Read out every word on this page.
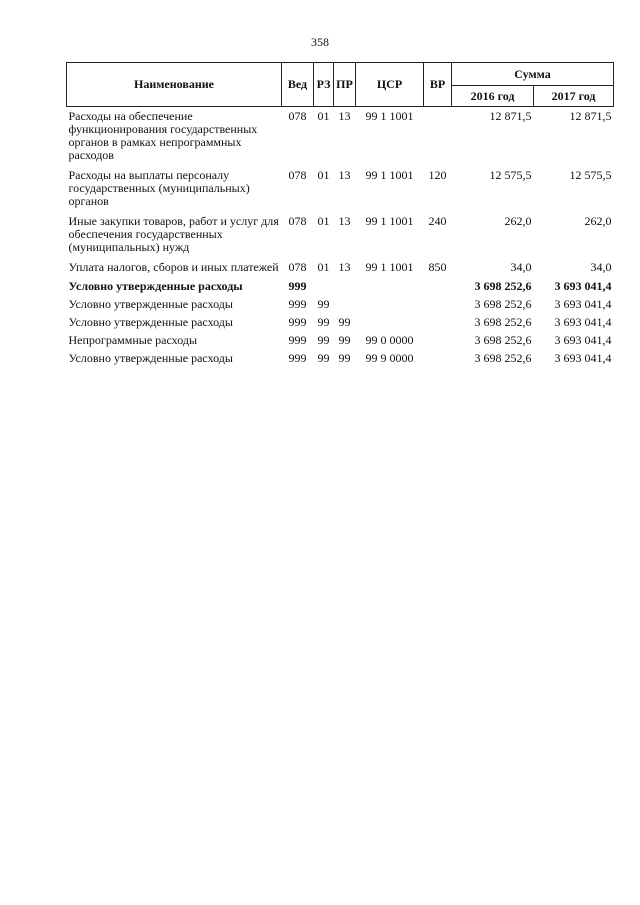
358
Наименование	Вед	РЗ	ПР	ЦСР	ВР	Сумма	
						2016 год	2017 год
Расходы на обеспечение функционирования государственных органов в рамках непрограммных расходов	078	01	13	99 1 1001		12 871,5	12 871,5
Расходы на выплаты персоналу государственных (муниципальных) органов	078	01	13	99 1 1001	120	12 575,5	12 575,5
Иные закупки товаров, работ и услуг для обеспечения государственных (муниципальных) нужд	078	01	13	99 1 1001	240	262,0	262,0
Уплата налогов, сборов и иных платежей	078	01	13	99 1 1001	850	34,0	34,0
Условно утвержденные расходы	999					3 698 252,6	3 693 041,4
Условно утвержденные расходы	999	99				3 698 252,6	3 693 041,4
Условно утвержденные расходы	999	99	99			3 698 252,6	3 693 041,4
Непрограммные расходы	999	99	99	99 0 0000		3 698 252,6	3 693 041,4
Условно утвержденные расходы	999	99	99	99 9 0000		3 698 252,6	3 693 041,4
